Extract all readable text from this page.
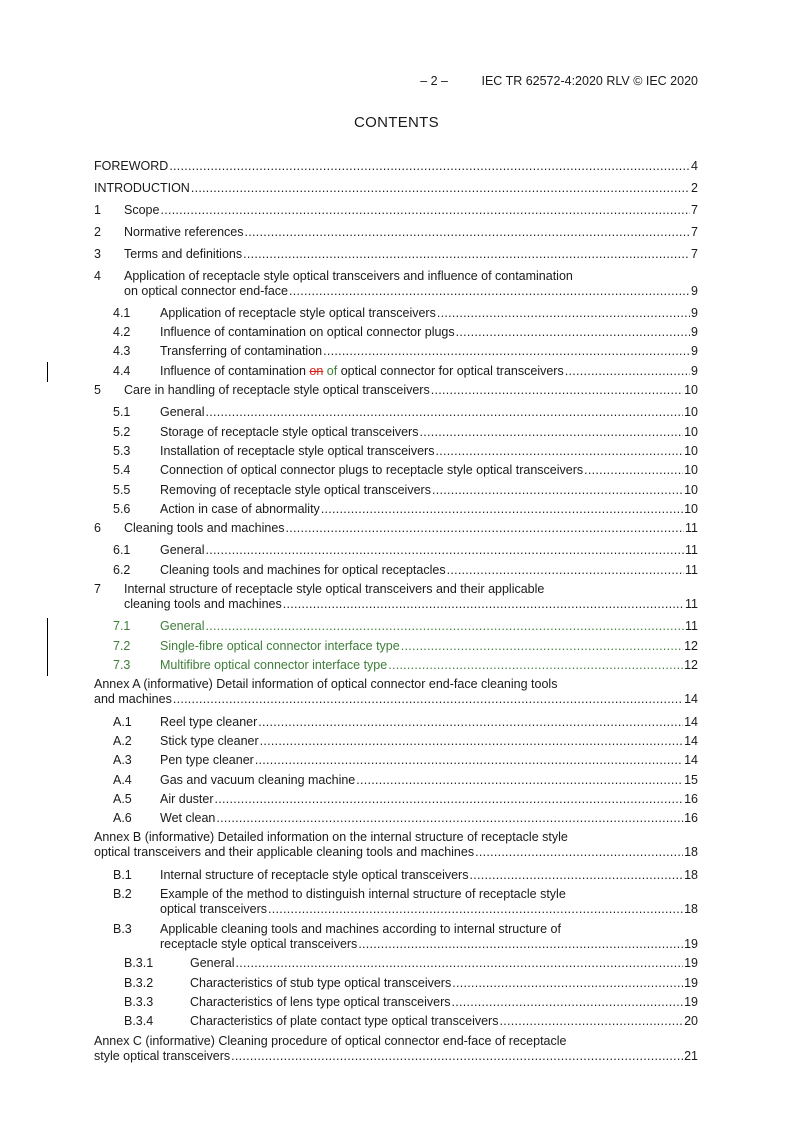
– 2 –	IEC TR 62572-4:2020 RLV © IEC 2020
CONTENTS
FOREWORD . . .	4
INTRODUCTION . . .	2
1	Scope . . .	7
2	Normative references . . .	7
3	Terms and definitions . . .	7
4	Application of receptacle style optical transceivers and influence of contamination
on optical connector end-face . . .	9
4.1	Application of receptacle style optical transceivers . . .	9
4.2	Influence of contamination on optical connector plugs . . .	9
4.3	Transferring of contamination . . .	9
4.4	Influence of contamination on of optical connector for optical transceivers . . .	9
5	Care in handling of receptacle style optical transceivers . . .	10
5.1	General . . .	10
5.2	Storage of receptacle style optical transceivers . . .	10
5.3	Installation of receptacle style optical transceivers . . .	10
5.4	Connection of optical connector plugs to receptacle style optical transceivers . . .	10
5.5	Removing of receptacle style optical transceivers . . .	10
5.6	Action in case of abnormality . . .	10
6	Cleaning tools and machines . . .	11
6.1	General . . .	11
6.2	Cleaning tools and machines for optical receptacles . . .	11
7	Internal structure of receptacle style optical transceivers and their applicable
cleaning tools and machines . . .	11
7.1	General . . .	11
7.2	Single-fibre optical connector interface type . . .	12
7.3	Multifibre optical connector interface type . . .	12
Annex A (informative) Detail information of optical connector end-face cleaning tools
and machines . . .	14
A.1	Reel type cleaner . . .	14
A.2	Stick type cleaner . . .	14
A.3	Pen type cleaner . . .	14
A.4	Gas and vacuum cleaning machine . . .	15
A.5	Air duster . . .	16
A.6	Wet clean . . .	16
Annex B (informative) Detailed information on the internal structure of receptacle style
optical transceivers and their applicable cleaning tools and machines . . .	18
B.1	Internal structure of receptacle style optical transceivers . . .	18
B.2	Example of the method to distinguish internal structure of receptacle style
optical transceivers . . .	18
B.3	Applicable cleaning tools and machines according to internal structure of
receptacle style optical transceivers . . .	19
B.3.1	General . . .	19
B.3.2	Characteristics of stub type optical transceivers . . .	19
B.3.3	Characteristics of lens type optical transceivers . . .	19
B.3.4	Characteristics of plate contact type optical transceivers . . .	20
Annex C (informative) Cleaning procedure of optical connector end-face of receptacle
style optical transceivers . . .	21
